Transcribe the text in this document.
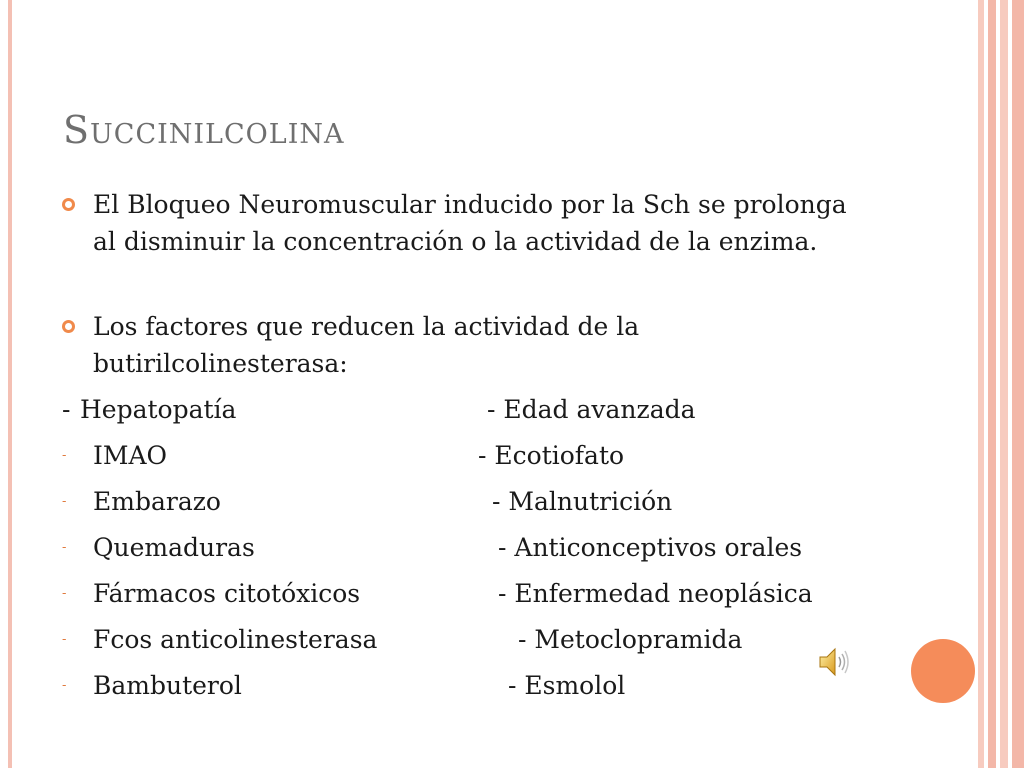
Succinilcolina
El Bloqueo Neuromuscular inducido por la Sch se prolonga al disminuir la concentración o la actividad de la enzima.
Los factores que reducen la actividad de la butirilcolinesterasa:
- Hepatopatía	- Edad avanzada
- IMAO	- Ecotiofato
- Embarazo	- Malnutrición
- Quemaduras	- Anticonceptivos orales
- Fármacos citotóxicos	- Enfermedad neoplásica
- Fcos anticolinesterasa	- Metoclopramida
- Bambuterol	- Esmolol
